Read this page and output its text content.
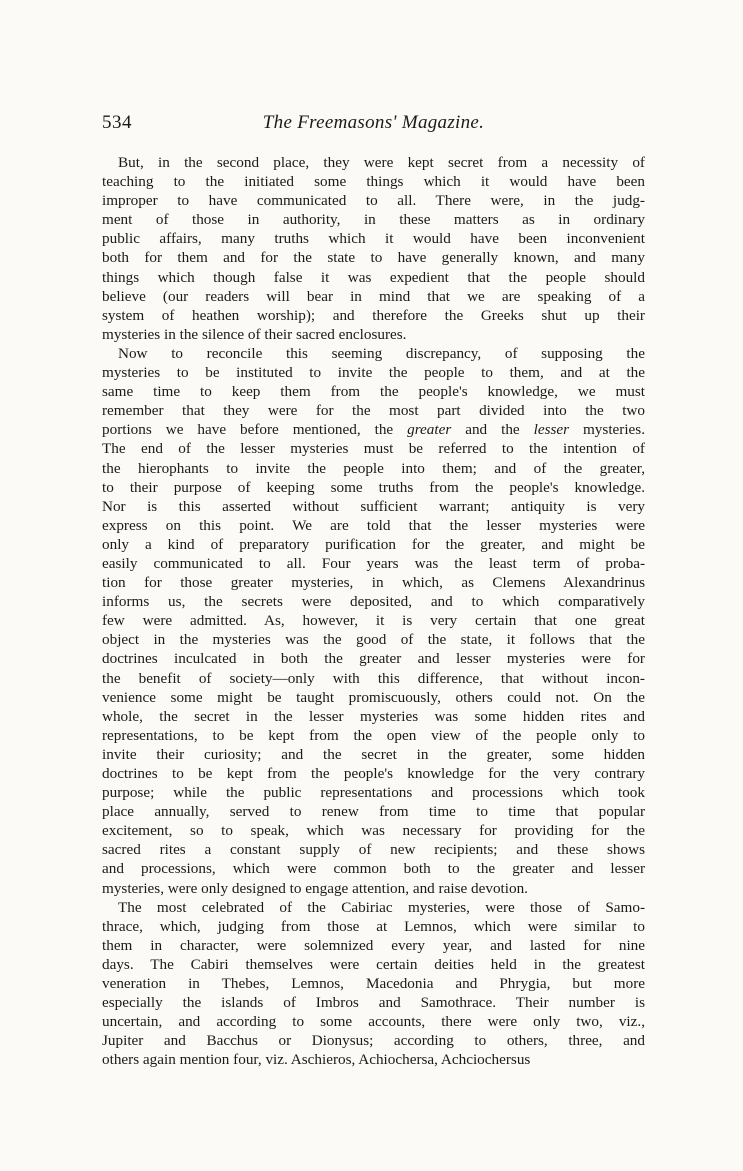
534	The Freemasons' Magazine.
But, in the second place, they were kept secret from a necessity of
teaching to the initiated some things which it would have been
improper to have communicated to all. There were, in the judg-
ment of those in authority, in these matters as in ordinary
public affairs, many truths which it would have been inconvenient
both for them and for the state to have generally known, and many
things which though false it was expedient that the people should
believe (our readers will bear in mind that we are speaking of a
system of heathen worship); and therefore the Greeks shut up their
mysteries in the silence of their sacred enclosures.
Now to reconcile this seeming discrepancy, of supposing the
mysteries to be instituted to invite the people to them, and at the
same time to keep them from the people's knowledge, we must
remember that they were for the most part divided into the two
portions we have before mentioned, the greater and the lesser mysteries.
The end of the lesser mysteries must be referred to the intention of
the hierophants to invite the people into them; and of the greater,
to their purpose of keeping some truths from the people's knowledge.
Nor is this asserted without sufficient warrant; antiquity is very
express on this point. We are told that the lesser mysteries were
only a kind of preparatory purification for the greater, and might be
easily communicated to all. Four years was the least term of proba-
tion for those greater mysteries, in which, as Clemens Alexandrinus
informs us, the secrets were deposited, and to which comparatively
few were admitted. As, however, it is very certain that one great
object in the mysteries was the good of the state, it follows that the
doctrines inculcated in both the greater and lesser mysteries were for
the benefit of society—only with this difference, that without incon-
venience some might be taught promiscuously, others could not. On the
whole, the secret in the lesser mysteries was some hidden rites and
representations, to be kept from the open view of the people only to
invite their curiosity; and the secret in the greater, some hidden
doctrines to be kept from the people's knowledge for the very contrary
purpose; while the public representations and processions which took
place annually, served to renew from time to time that popular
excitement, so to speak, which was necessary for providing for the
sacred rites a constant supply of new recipients; and these shows
and processions, which were common both to the greater and lesser
mysteries, were only designed to engage attention, and raise devotion.
The most celebrated of the Cabiriac mysteries, were those of Samo-
thrace, which, judging from those at Lemnos, which were similar to
them in character, were solemnized every year, and lasted for nine
days. The Cabiri themselves were certain deities held in the greatest
veneration in Thebes, Lemnos, Macedonia and Phrygia, but more
especially the islands of Imbros and Samothrace. Their number is
uncertain, and according to some accounts, there were only two, viz.,
Jupiter and Bacchus or Dionysus; according to others, three, and
others again mention four, viz. Aschieros, Achiochersa, Achciochersus
